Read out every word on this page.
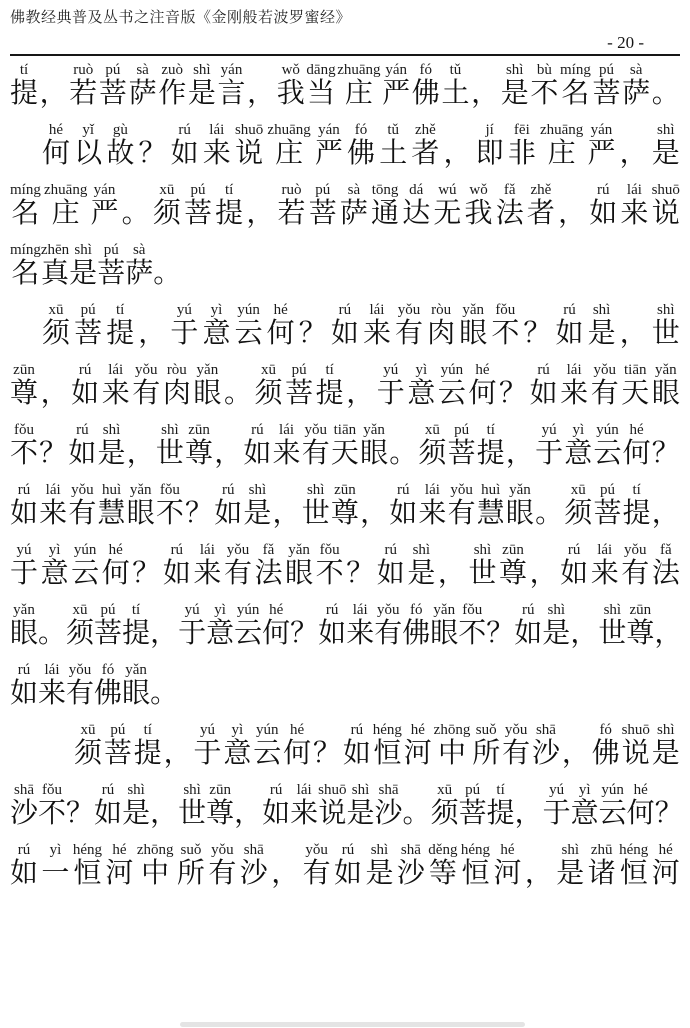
佛教经典普及丛书之注音版《金刚般若波罗蜜经》
- 20 -
tí
提
，
ruò
若
pú
菩
sà
萨
zuò
作
shì
是
yán
言
，
wǒ
我
dāng
当
zhuāng
庄
yán
严
fó
佛
tǔ
土
，
shì
是
bù
不
míng
名
pú
菩
sà
萨
。
hé
何
yǐ
以
gù
故
？
rú
如
lái
来
shuō
说
zhuāng
庄
yán
严
fó
佛
tǔ
土
zhě
者
，
jí
即
fēi
非
zhuāng
庄
yán
严
，
shì
是
míng
名
zhuāng
庄
yán
严
。
xū
须
pú
菩
tí
提
，
ruò
若
pú
菩
sà
萨
tōng
通
dá
达
wú
无
wǒ
我
fǎ
法
zhě
者
，
rú
如
lái
来
shuō
说
míng
名
zhēn
真
shì
是
pú
菩
sà
萨
。
xū
须
pú
菩
tí
提
，
yú
于
yì
意
yún
云
hé
何
？
rú
如
lái
来
yǒu
有
ròu
肉
yǎn
眼
fǒu
不
？
rú
如
shì
是
，
shì
世
zūn
尊
，
rú
如
lái
来
yǒu
有
ròu
肉
yǎn
眼
。
xū
须
pú
菩
tí
提
，
yú
于
yì
意
yún
云
hé
何
？
rú
如
lái
来
yǒu
有
tiān
天
yǎn
眼
fǒu
不
？
rú
如
shì
是
，
shì
世
zūn
尊
，
rú
如
lái
来
yǒu
有
tiān
天
yǎn
眼
。
xū
须
pú
菩
tí
提
，
yú
于
yì
意
yún
云
hé
何
？
rú
如
lái
来
yǒu
有
huì
慧
yǎn
眼
fǒu
不
？
rú
如
shì
是
，
shì
世
zūn
尊
，
rú
如
lái
来
yǒu
有
huì
慧
yǎn
眼
。
xū
须
pú
菩
tí
提
，
yú
于
yì
意
yún
云
hé
何
？
rú
如
lái
来
yǒu
有
fǎ
法
yǎn
眼
fǒu
不
？
rú
如
shì
是
，
shì
世
zūn
尊
，
rú
如
lái
来
yǒu
有
fǎ
法
yǎn
眼
。
xū
须
pú
菩
tí
提
，
yú
于
yì
意
yún
云
hé
何
？
rú
如
lái
来
yǒu
有
fó
佛
yǎn
眼
fǒu
不
？
rú
如
shì
是
，
shì
世
zūn
尊
，
rú
如
lái
来
yǒu
有
fó
佛
yǎn
眼
。
xū
须
pú
菩
tí
提
，
yú
于
yì
意
yún
云
hé
何
？
rú
如
héng
恒
hé
河
zhōng
中
suǒ
所
yǒu
有
shā
沙
，
fó
佛
shuō
说
shì
是
shā
沙
fǒu
不
？
rú
如
shì
是
，
shì
世
zūn
尊
，
rú
如
lái
来
shuō
说
shì
是
shā
沙
。
xū
须
pú
菩
tí
提
，
yú
于
yì
意
yún
云
hé
何
？
rú
如
yì
一
héng
恒
hé
河
zhōng
中
suǒ
所
yǒu
有
shā
沙
，
yǒu
有
rú
如
shì
是
shā
沙
děng
等
héng
恒
hé
河
，
shì
是
zhū
诸
héng
恒
hé
河
